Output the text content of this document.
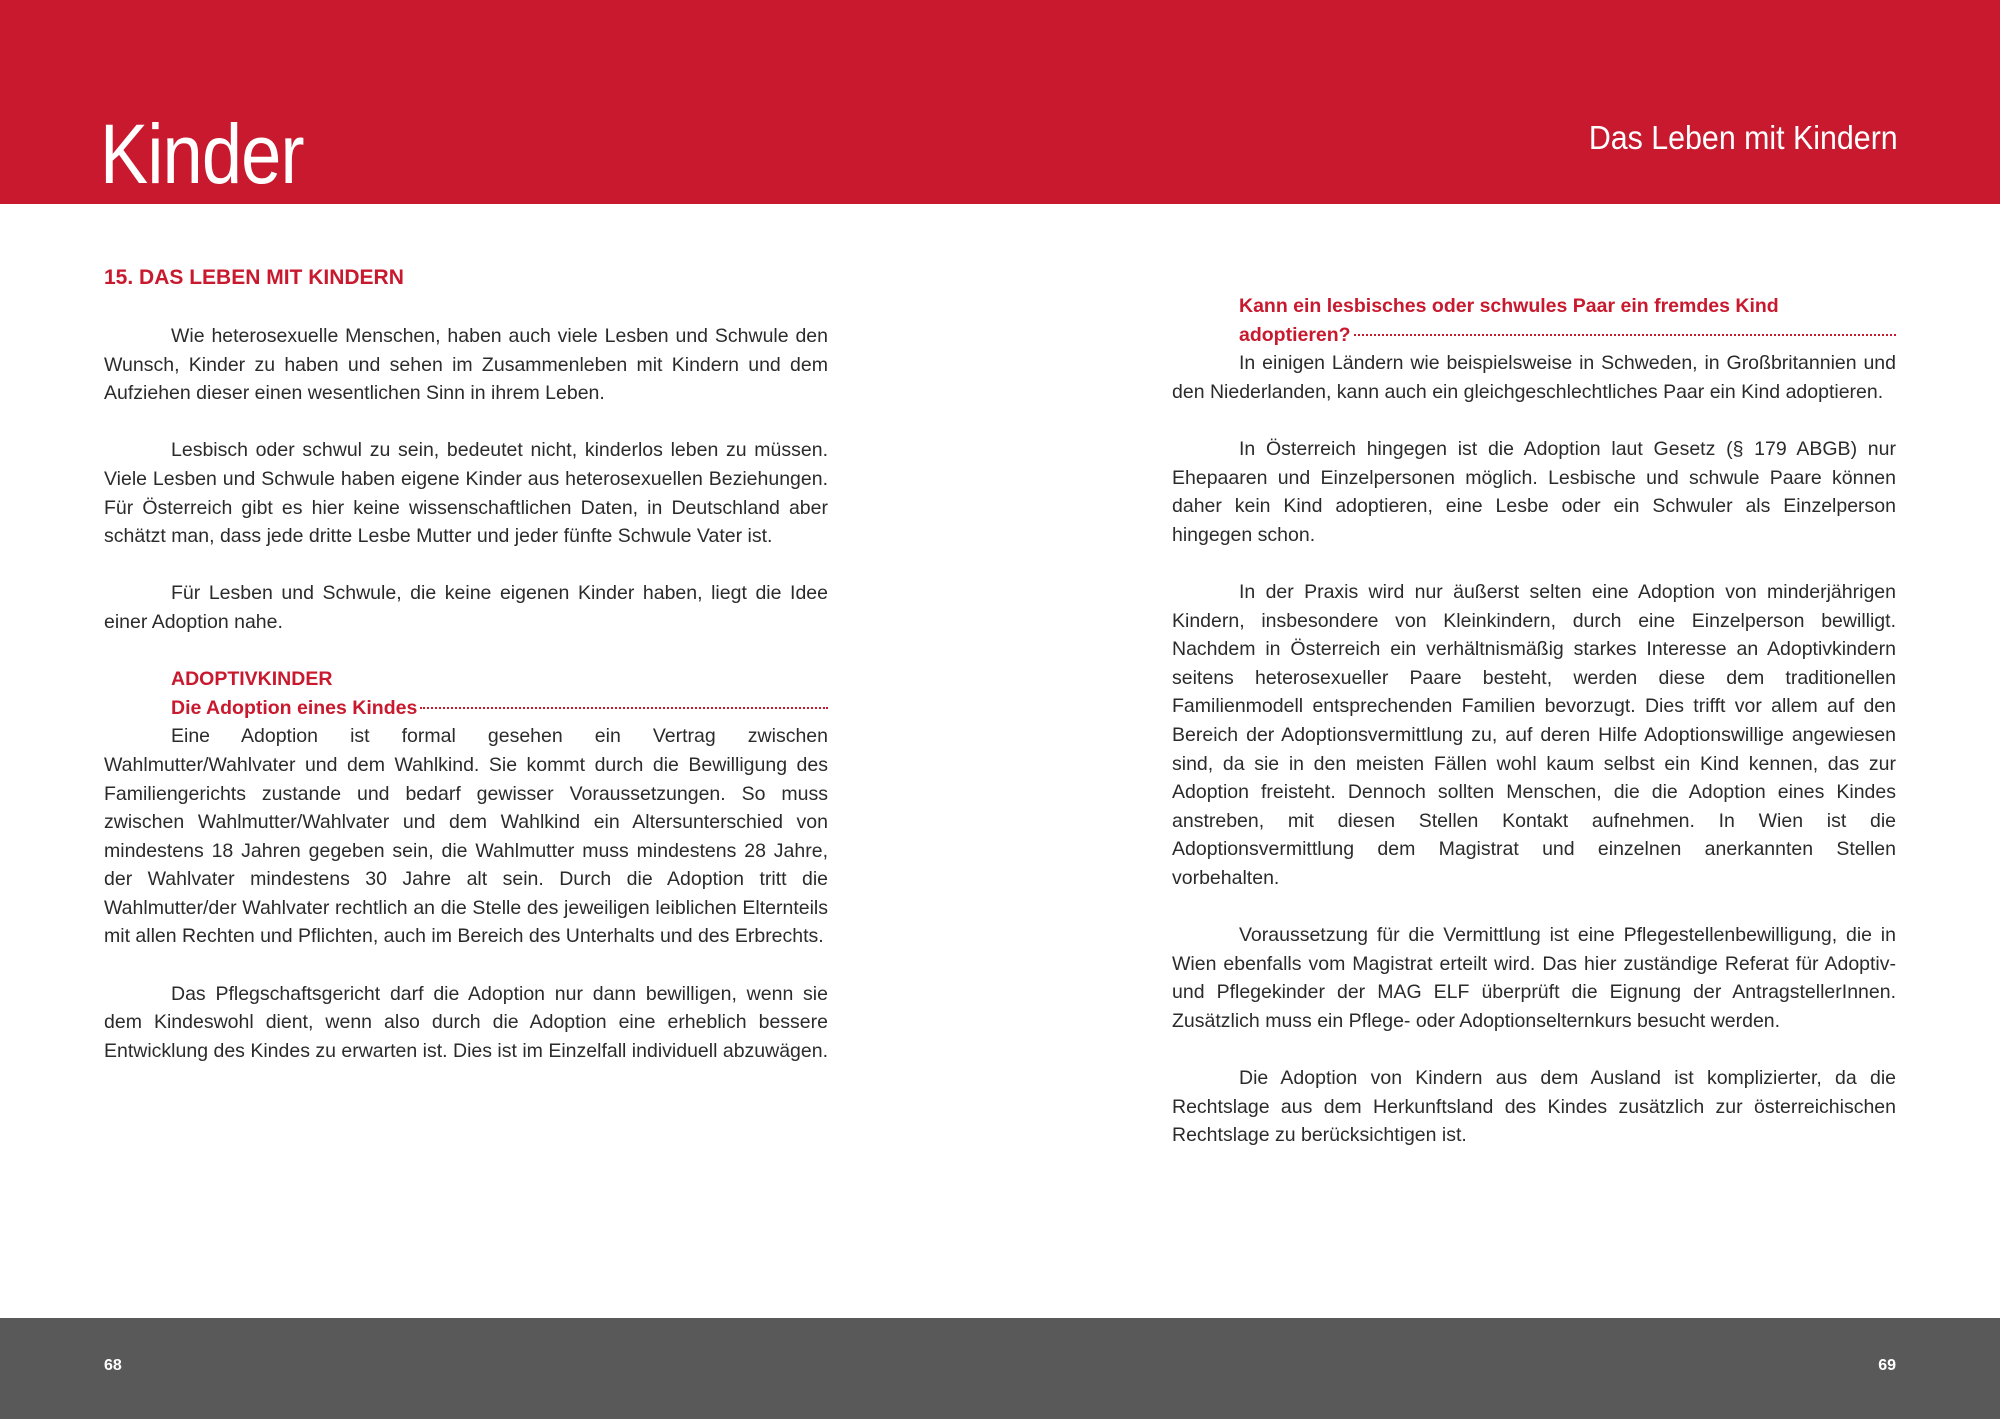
Kinder	Das Leben mit Kindern
15. DAS LEBEN MIT KINDERN

Wie heterosexuelle Menschen, haben auch viele Lesben und Schwule den Wunsch, Kinder zu haben und sehen im Zusammenleben mit Kindern und dem Aufziehen dieser einen wesentlichen Sinn in ihrem Leben.

Lesbisch oder schwul zu sein, bedeutet nicht, kinderlos leben zu müssen. Viele Lesben und Schwule haben eigene Kinder aus heterosexuellen Beziehungen. Für Österreich gibt es hier keine wissenschaftlichen Daten, in Deutschland aber schätzt man, dass jede dritte Lesbe Mutter und jeder fünfte Schwule Vater ist.

Für Lesben und Schwule, die keine eigenen Kinder haben, liegt die Idee einer Adoption nahe.

ADOPTIVKINDER
Die Adoption eines Kindes

Eine Adoption ist formal gesehen ein Vertrag zwischen Wahlmutter/Wahlvater und dem Wahlkind. Sie kommt durch die Bewilligung des Familiengerichts zustande und bedarf gewisser Voraussetzungen. So muss zwischen Wahlmutter/Wahlvater und dem Wahlkind ein Altersunterschied von mindestens 18 Jahren gegeben sein, die Wahlmutter muss mindestens 28 Jahre, der Wahlvater mindestens 30 Jahre alt sein. Durch die Adoption tritt die Wahlmutter/der Wahlvater rechtlich an die Stelle des jeweiligen leiblichen Elternteils mit allen Rechten und Pflichten, auch im Bereich des Unterhalts und des Erbrechts.

Das Pflegschaftsgericht darf die Adoption nur dann bewilligen, wenn sie dem Kindeswohl dient, wenn also durch die Adoption eine erheblich bessere Entwicklung des Kindes zu erwarten ist. Dies ist im Einzelfall individuell abzuwägen.

Kann ein lesbisches oder schwules Paar ein fremdes Kind
adoptieren?

In einigen Ländern wie beispielsweise in Schweden, in Großbritannien und den Niederlanden, kann auch ein gleichgeschlechtliches Paar ein Kind adoptieren.

In Österreich hingegen ist die Adoption laut Gesetz (§ 179 ABGB) nur Ehepaaren und Einzelpersonen möglich. Lesbische und schwule Paare können daher kein Kind adoptieren, eine Lesbe oder ein Schwuler als Einzelperson hingegen schon.

In der Praxis wird nur äußerst selten eine Adoption von minderjährigen Kindern, insbesondere von Kleinkindern, durch eine Einzelperson bewilligt. Nachdem in Österreich ein verhältnismäßig starkes Interesse an Adoptivkindern seitens heterosexueller Paare besteht, werden diese dem traditionellen Familienmodell entsprechenden Familien bevorzugt. Dies trifft vor allem auf den Bereich der Adoptionsvermittlung zu, auf deren Hilfe Adoptionswillige angewiesen sind, da sie in den meisten Fällen wohl kaum selbst ein Kind kennen, das zur Adoption freisteht. Dennoch sollten Menschen, die die Adoption eines Kindes anstreben, mit diesen Stellen Kontakt aufnehmen. In Wien ist die Adoptionsvermittlung dem Magistrat und einzelnen anerkannten Stellen vorbehalten.

Voraussetzung für die Vermittlung ist eine Pflegestellenbewilligung, die in Wien ebenfalls vom Magistrat erteilt wird. Das hier zuständige Referat für Adoptiv- und Pflegekinder der MAG ELF überprüft die Eignung der AntragstellerInnen. Zusätzlich muss ein Pflege- oder Adoptionselternkurs besucht werden.

Die Adoption von Kindern aus dem Ausland ist komplizierter, da die Rechtslage aus dem Herkunftsland des Kindes zusätzlich zur österreichischen Rechtslage zu berücksichtigen ist.

68	69
